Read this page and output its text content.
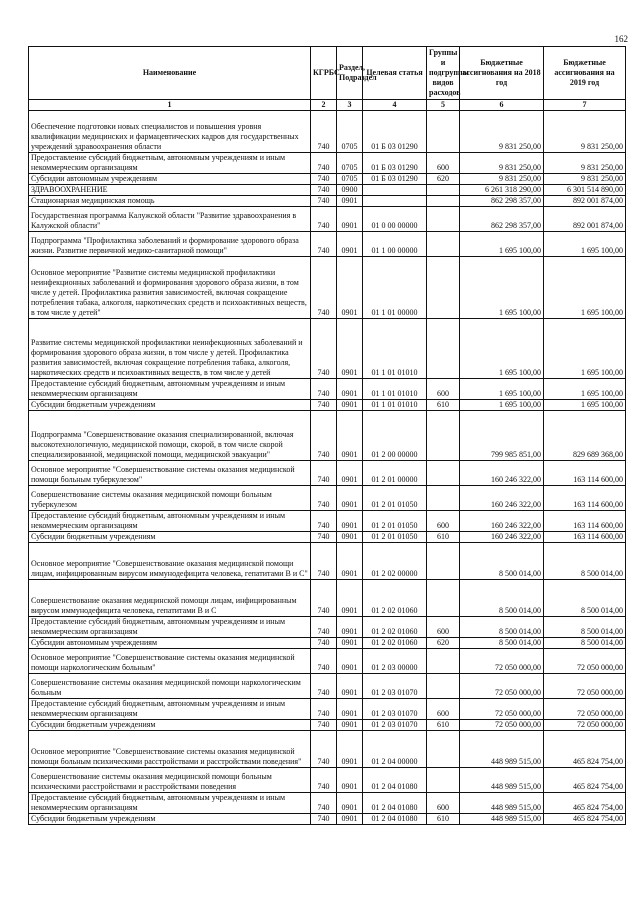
162
Наименование	КГРБС	Раздел, Подраздел	Целевая статья	Группы и подгруппы видов расходов	Бюджетные ассигнования на 2018 год	Бюджетные ассигнования на 2019 год
1	2	3	4	5	6	7
Обеспечение подготовки новых специалистов и повышения уровня квалификации медицинских и фармацевтических кадров для государственных учреждений здравоохранения области	740	0705	01 Б 03 01290		9 831 250,00	9 831 250,00
Предоставление субсидий бюджетным, автономным учреждениям и иным некоммерческим организациям	740	0705	01 Б 03 01290	600	9 831 250,00	9 831 250,00
Субсидии автономным учреждениям	740	0705	01 Б 03 01290	620	9 831 250,00	9 831 250,00
ЗДРАВООХРАНЕНИЕ	740	0900			6 261 318 290,00	6 301 514 890,00
Стационарная медицинская помощь	740	0901			862 298 357,00	892 001 874,00
Государственная программа Калужской области "Развитие здравоохранения в Калужской области"	740	0901	01 0 00 00000		862 298 357,00	892 001 874,00
Подпрограмма "Профилактика заболеваний и формирование здорового образа жизни. Развитие первичной медико-санитарной помощи"	740	0901	01 1 00 00000		1 695 100,00	1 695 100,00
Основное мероприятие "Развитие системы медицинской профилактики неинфекционных заболеваний и формирования здорового образа жизни, в том числе у детей. Профилактика развития зависимостей, включая сокращение потребления табака, алкоголя, наркотических средств и психоактивных веществ, в том числе у детей"	740	0901	01 1 01 00000		1 695 100,00	1 695 100,00
Развитие системы медицинской профилактики неинфекционных заболеваний и формирования здорового образа жизни, в том числе у детей. Профилактика развития зависимостей, включая сокращение потребления табака, алкоголя, наркотических средств и психоактивных веществ, в том числе у детей	740	0901	01 1 01 01010		1 695 100,00	1 695 100,00
Предоставление субсидий бюджетным, автономным учреждениям и иным некоммерческим организациям	740	0901	01 1 01 01010	600	1 695 100,00	1 695 100,00
Субсидии бюджетным учреждениям	740	0901	01 1 01 01010	610	1 695 100,00	1 695 100,00
Подпрограмма "Совершенствование оказания специализированной, включая высокотехнологичную, медицинской помощи, скорой, в том числе скорой специализированной, медицинской помощи, медицинской эвакуации"	740	0901	01 2 00 00000		799 985 851,00	829 689 368,00
Основное мероприятие "Совершенствование системы оказания медицинской помощи больным туберкулезом"	740	0901	01 2 01 00000		160 246 322,00	163 114 600,00
Совершенствование системы оказания медицинской помощи больным туберкулезом	740	0901	01 2 01 01050		160 246 322,00	163 114 600,00
Предоставление субсидий бюджетным, автономным учреждениям и иным некоммерческим организациям	740	0901	01 2 01 01050	600	160 246 322,00	163 114 600,00
Субсидии бюджетным учреждениям	740	0901	01 2 01 01050	610	160 246 322,00	163 114 600,00
Основное мероприятие "Совершенствование оказания медицинской помощи лицам, инфицированным вирусом иммунодефицита человека, гепатитами В и С"	740	0901	01 2 02 00000		8 500 014,00	8 500 014,00
Совершенствование оказания медицинской помощи лицам, инфицированным вирусом иммунодефицита человека, гепатитами В и С	740	0901	01 2 02 01060		8 500 014,00	8 500 014,00
Предоставление субсидий бюджетным, автономным учреждениям и иным некоммерческим организациям	740	0901	01 2 02 01060	600	8 500 014,00	8 500 014,00
Субсидии автономным учреждениям	740	0901	01 2 02 01060	620	8 500 014,00	8 500 014,00
Основное мероприятие "Совершенствование системы оказания медицинской помощи наркологическим больным"	740	0901	01 2 03 00000		72 050 000,00	72 050 000,00
Совершенствование системы оказания медицинской помощи наркологическим больным	740	0901	01 2 03 01070		72 050 000,00	72 050 000,00
Предоставление субсидий бюджетным, автономным учреждениям и иным некоммерческим организациям	740	0901	01 2 03 01070	600	72 050 000,00	72 050 000,00
Субсидии бюджетным учреждениям	740	0901	01 2 03 01070	610	72 050 000,00	72 050 000,00
Основное мероприятие "Совершенствование системы оказания медицинской помощи больным психическими расстройствами и расстройствами поведения"	740	0901	01 2 04 00000		448 989 515,00	465 824 754,00
Совершенствование системы оказания медицинской помощи больным психическими расстройствами и расстройствами поведения	740	0901	01 2 04 01080		448 989 515,00	465 824 754,00
Предоставление субсидий бюджетным, автономным учреждениям и иным некоммерческим организациям	740	0901	01 2 04 01080	600	448 989 515,00	465 824 754,00
Субсидии бюджетным учреждениям	740	0901	01 2 04 01080	610	448 989 515,00	465 824 754,00
